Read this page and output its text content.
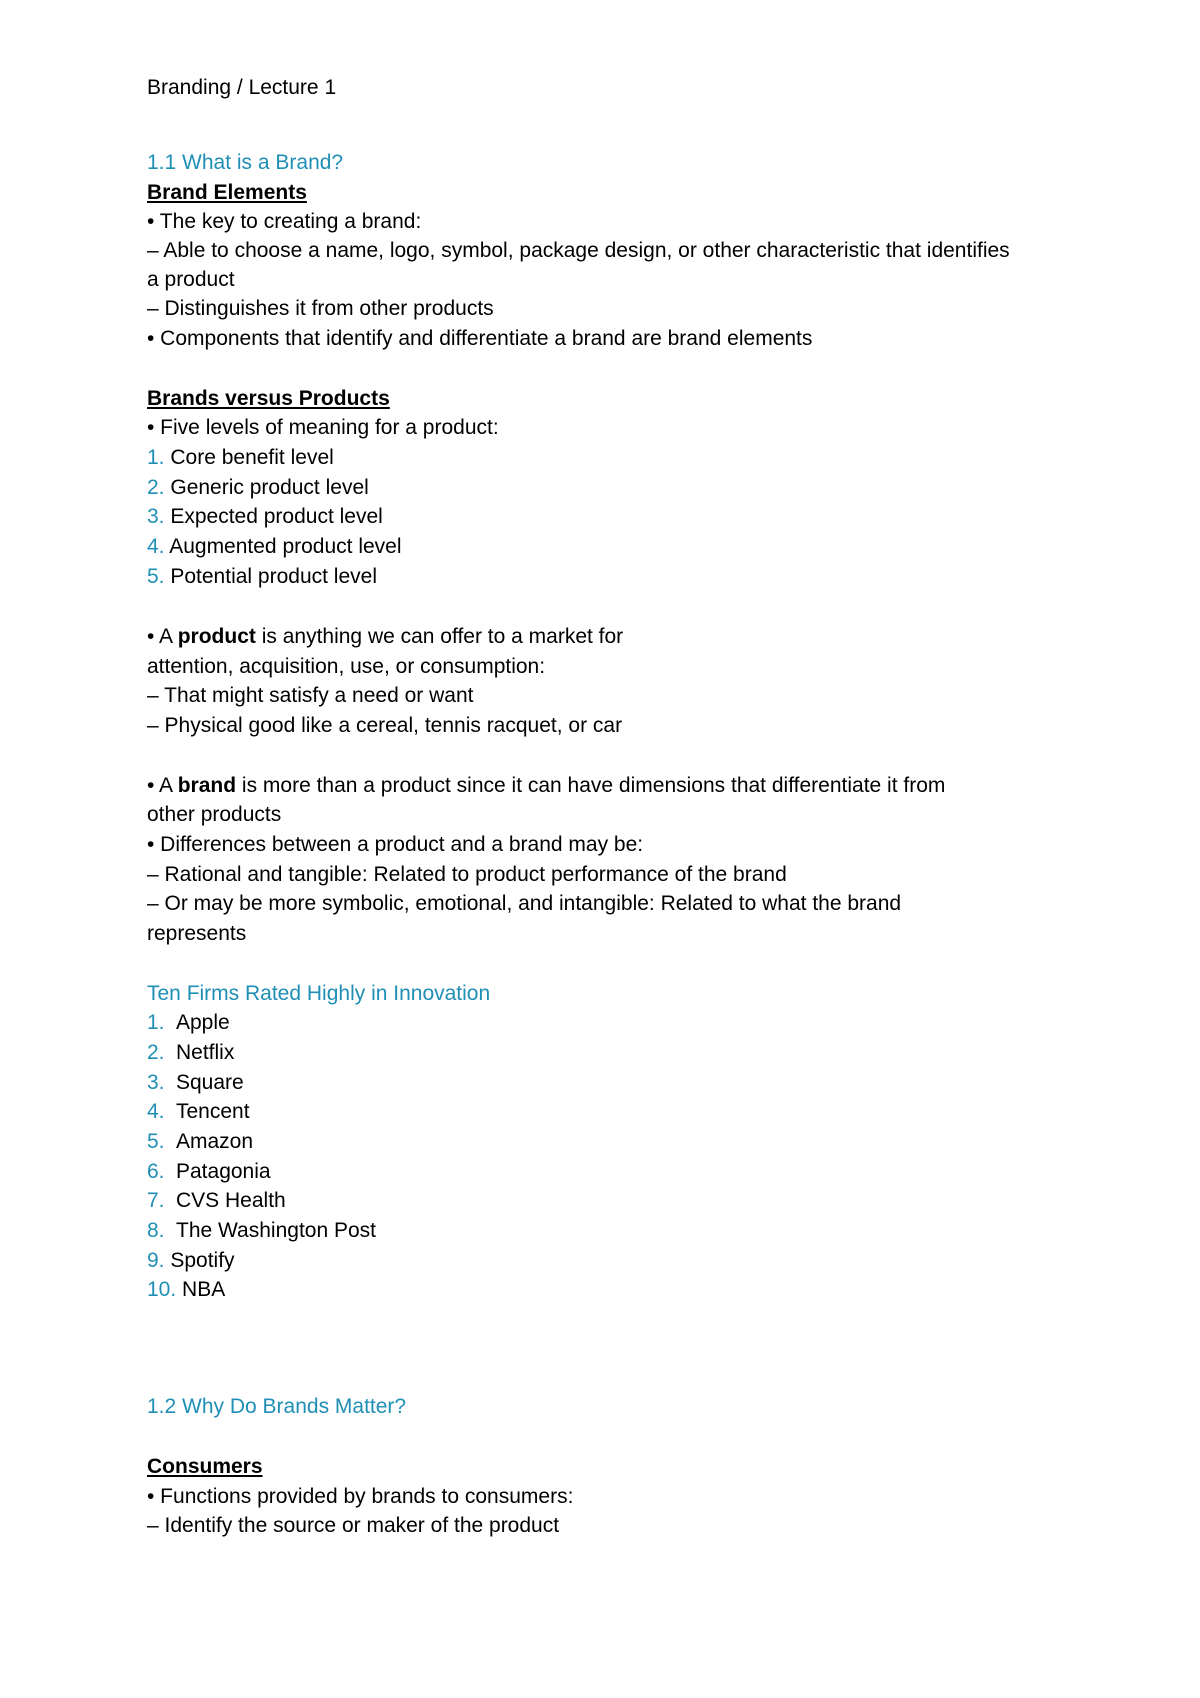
Branding / Lecture 1
1.1 What is a Brand?
Brand Elements
• The key to creating a brand:
– Able to choose a name, logo, symbol, package design, or other characteristic that identifies
a product
– Distinguishes it from other products
• Components that identify and differentiate a brand are brand elements
Brands versus Products
• Five levels of meaning for a product:
1. Core benefit level
2. Generic product level
3. Expected product level
4. Augmented product level
5. Potential product level
• A product is anything we can offer to a market for
attention, acquisition, use, or consumption:
– That might satisfy a need or want
– Physical good like a cereal, tennis racquet, or car
• A brand is more than a product since it can have dimensions that differentiate it from
other products
• Differences between a product and a brand may be:
– Rational and tangible: Related to product performance of the brand
– Or may be more symbolic, emotional, and intangible: Related to what the brand
represents
Ten Firms Rated Highly in Innovation
1. Apple
2. Netflix
3. Square
4. Tencent
5. Amazon
6. Patagonia
7. CVS Health
8. The Washington Post
9. Spotify
10. NBA
1.2 Why Do Brands Matter?
Consumers
• Functions provided by brands to consumers:
– Identify the source or maker of the product
